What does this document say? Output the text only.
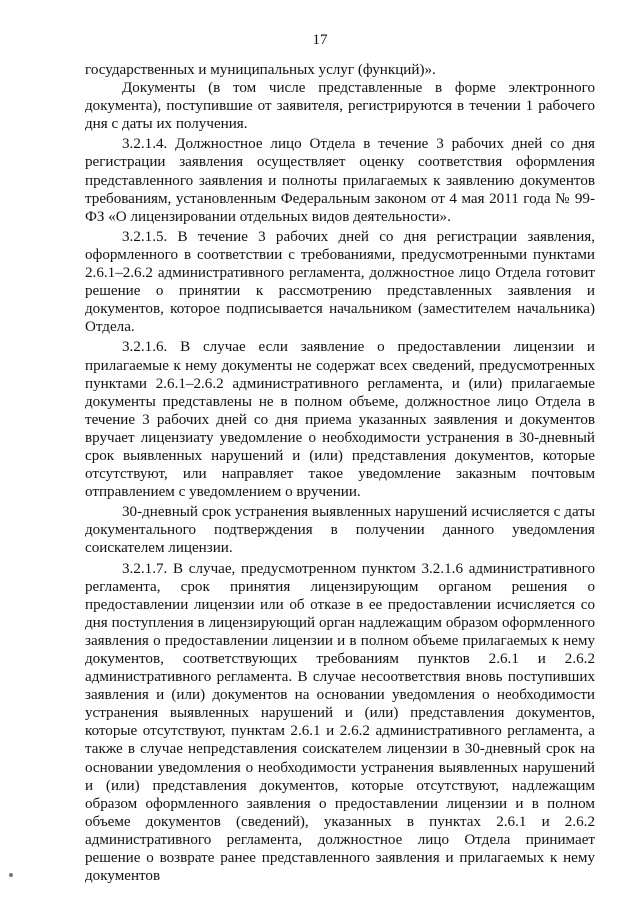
17

государственных и муниципальных услуг (функций)».

Документы (в том числе представленные в форме электронного документа), поступившие от заявителя, регистрируются в течении 1 рабочего дня с даты их получения.

3.2.1.4. Должностное лицо Отдела в течение 3 рабочих дней со дня регистрации заявления осуществляет оценку соответствия оформления представленного заявления и полноты прилагаемых к заявлению документов требованиям, установленным Федеральным законом от 4 мая 2011 года № 99-ФЗ «О лицензировании отдельных видов деятельности».

3.2.1.5. В течение 3 рабочих дней со дня регистрации заявления, оформленного в соответствии с требованиями, предусмотренными пунктами 2.6.1–2.6.2 административного регламента, должностное лицо Отдела готовит решение о принятии к рассмотрению представленных заявления и документов, которое подписывается начальником (заместителем начальника) Отдела.

3.2.1.6. В случае если заявление о предоставлении лицензии и прилагаемые к нему документы не содержат всех сведений, предусмотренных пунктами 2.6.1–2.6.2 административного регламента, и (или) прилагаемые документы представлены не в полном объеме, должностное лицо Отдела в течение 3 рабочих дней со дня приема указанных заявления и документов вручает лицензиату уведомление о необходимости устранения в 30-дневный срок выявленных нарушений и (или) представления документов, которые отсутствуют, или направляет такое уведомление заказным почтовым отправлением с уведомлением о вручении.

30-дневный срок устранения выявленных нарушений исчисляется с даты документального подтверждения в получении данного уведомления соискателем лицензии.

3.2.1.7. В случае, предусмотренном пунктом 3.2.1.6 административного регламента, срок принятия лицензирующим органом решения о предоставлении лицензии или об отказе в ее предоставлении исчисляется со дня поступления в лицензирующий орган надлежащим образом оформленного заявления о предоставлении лицензии и в полном объеме прилагаемых к нему документов, соответствующих требованиям пунктов 2.6.1 и 2.6.2 административного регламента. В случае несоответствия вновь поступивших заявления и (или) документов на основании уведомления о необходимости устранения выявленных нарушений и (или) представления документов, которые отсутствуют, пунктам 2.6.1 и 2.6.2 административного регламента, а также в случае непредставления соискателем лицензии в 30-дневный срок на основании уведомления о необходимости устранения выявленных нарушений и (или) представления документов, которые отсутствуют, надлежащим образом оформленного заявления о предоставлении лицензии и в полном объеме документов (сведений), указанных в пунктах 2.6.1 и 2.6.2 административного регламента, должностное лицо Отдела принимает решение о возврате ранее представленного заявления и прилагаемых к нему документов
